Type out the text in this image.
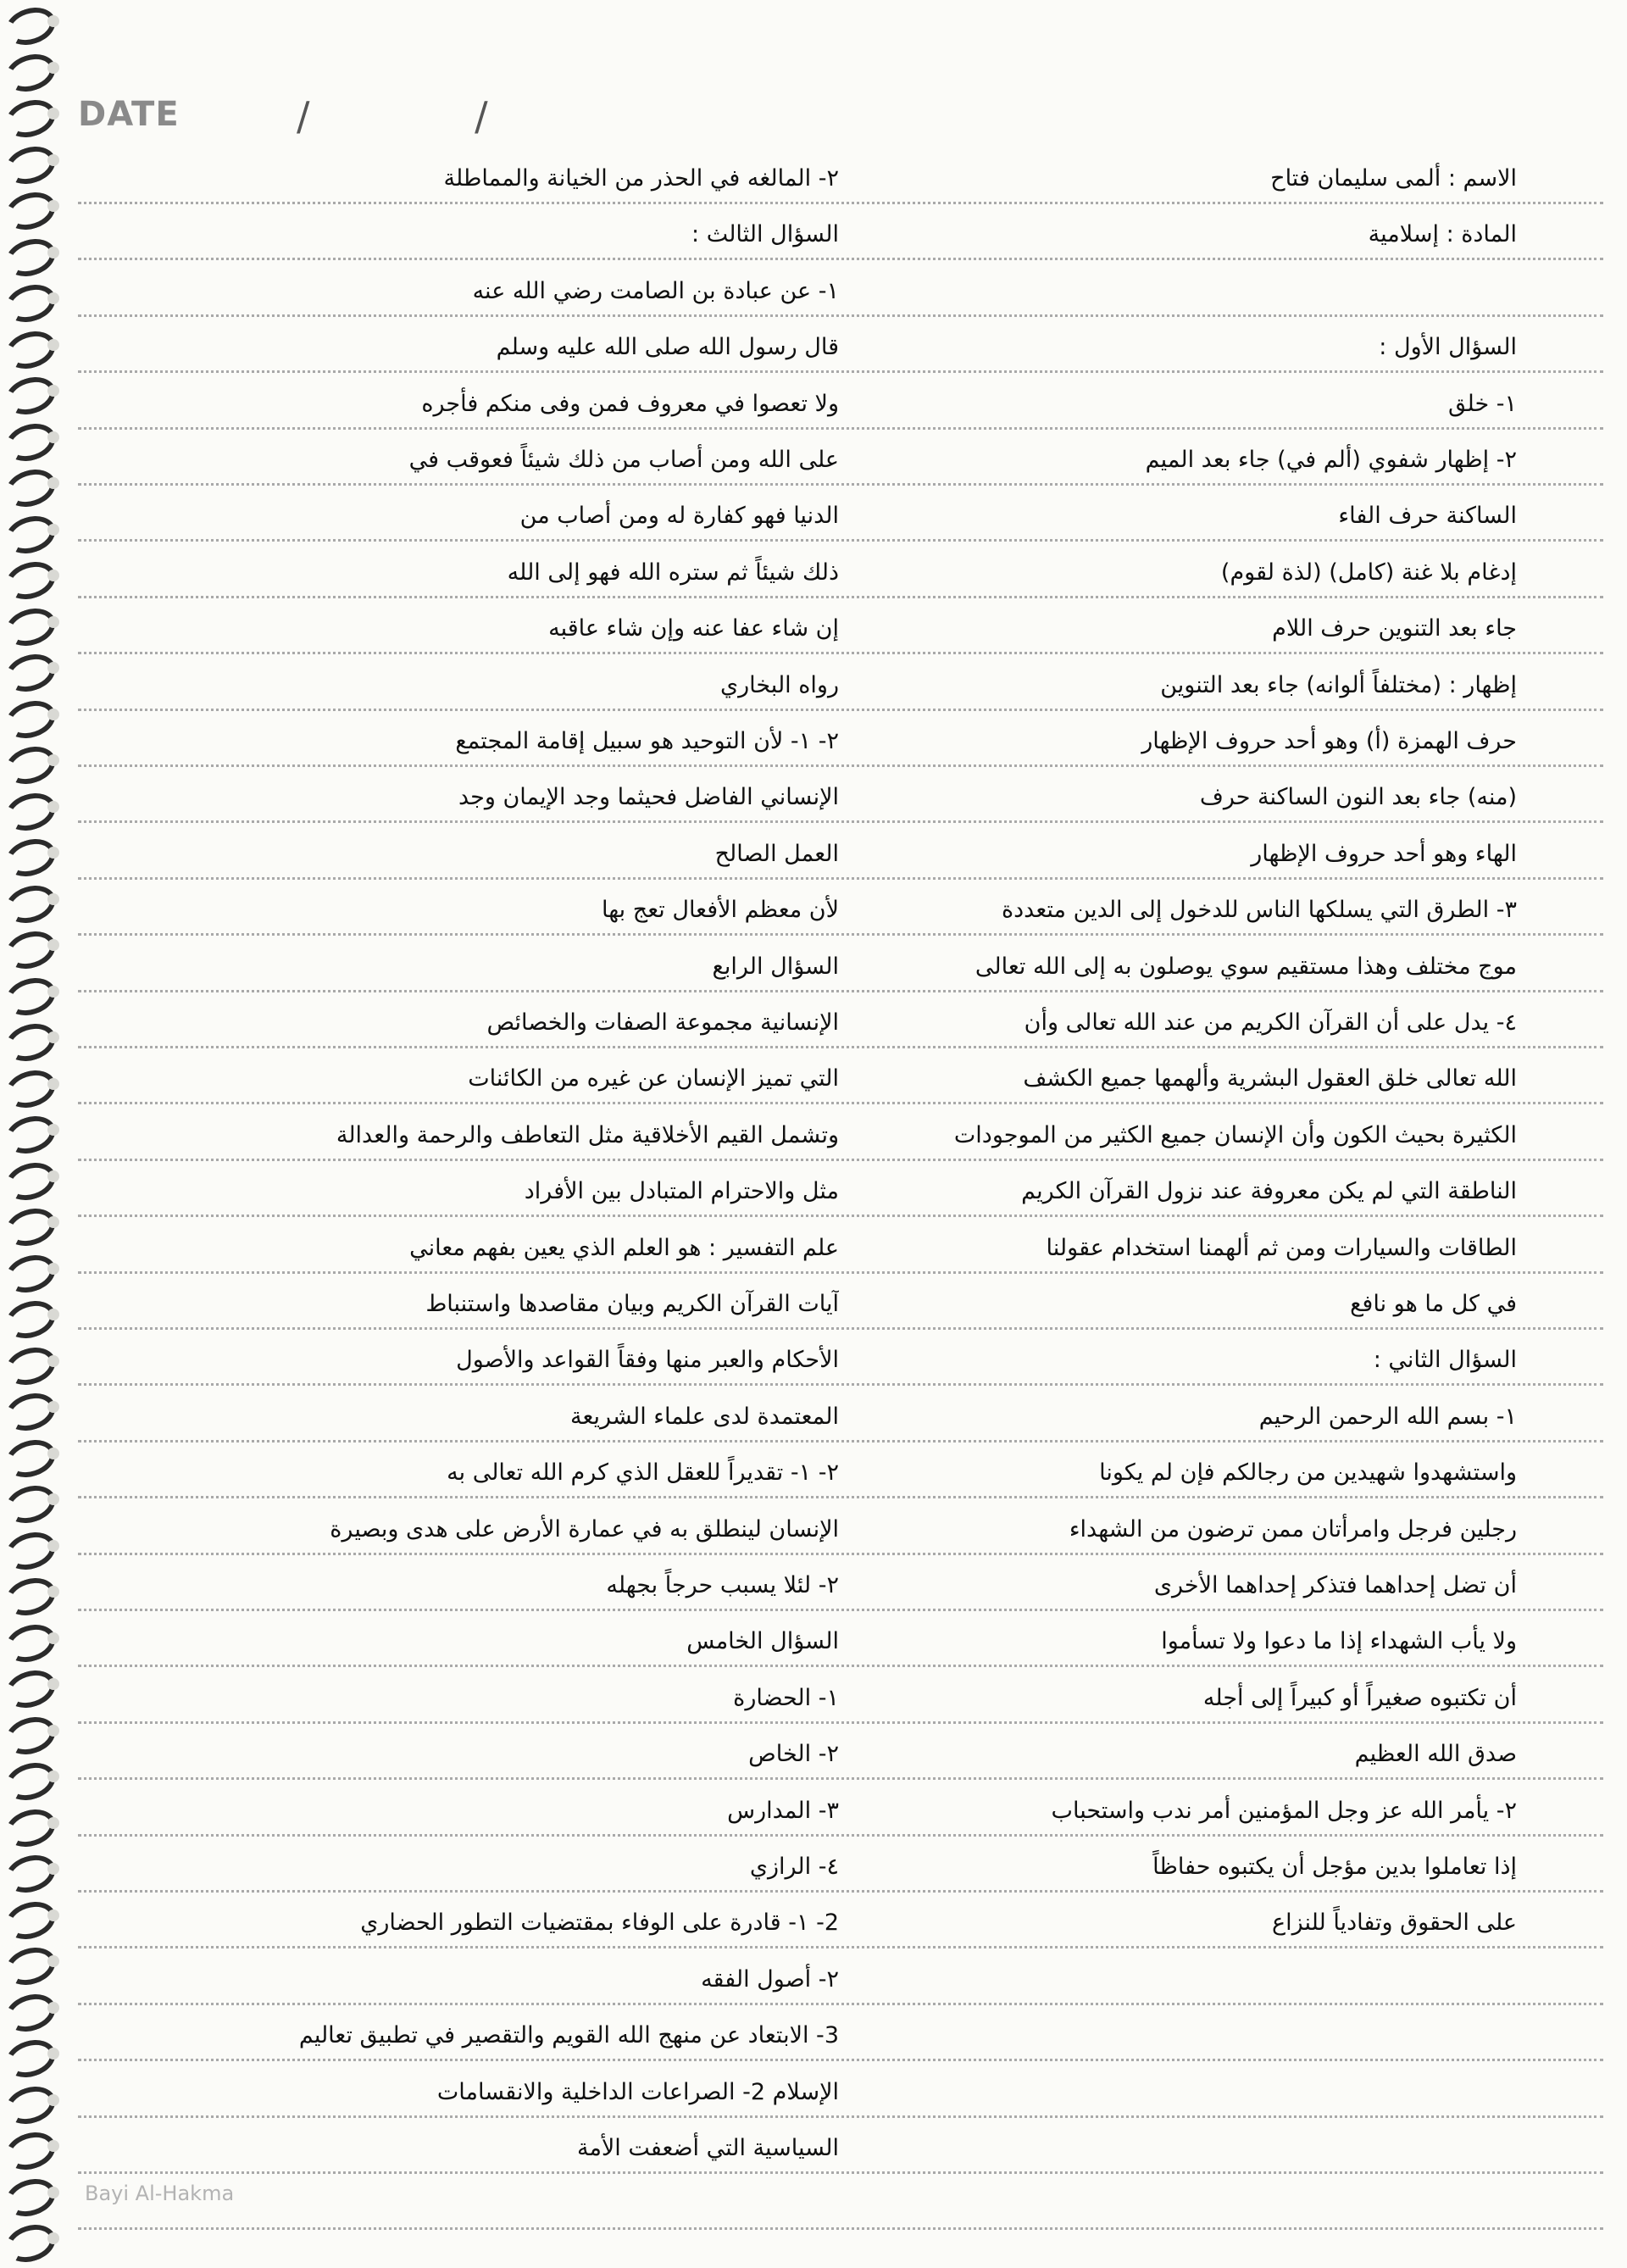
DATE	/ /
الاسم : ألمى سليمان فتاح
٢- المالغه في الحذر من الخيانة والمماطلة
المادة : إسلامية
السؤال الثالث :
١- عن عبادة بن الصامت رضي الله عنه
السؤال الأول :
قال رسول الله صلى الله عليه وسلم
١- خلق
ولا تعصوا في معروف فمن وفى منكم فأجره
٢- إظهار شفوي (ألم في) جاء بعد الميم
على الله ومن أصاب من ذلك شيئاً فعوقب في
الساكنة حرف الفاء
الدنيا فهو كفارة له ومن أصاب من
إدغام بلا غنة (كامل) (لذة لقوم)
ذلك شيئاً ثم ستره الله فهو إلى الله
جاء بعد التنوين حرف اللام
إن شاء عفا عنه وإن شاء عاقبه
إظهار : (مختلفاً ألوانه) جاء بعد التنوين
رواه البخاري
حرف الهمزة (أ) وهو أحد حروف الإظهار
٢- ١- لأن التوحيد هو سبيل إقامة المجتمع
(منه) جاء بعد النون الساكنة حرف
الإنساني الفاضل فحيثما وجد الإيمان وجد
الهاء وهو أحد حروف الإظهار
العمل الصالح
٣- الطرق التي يسلكها الناس للدخول إلى الدين متعددة
لأن معظم الأفعال تعج بها
موج مختلف وهذا مستقيم سوي يوصلون به إلى الله تعالى
السؤال الرابع
٤- يدل على أن القرآن الكريم من عند الله تعالى وأن
الإنسانية مجموعة الصفات والخصائص
الله تعالى خلق العقول البشرية وألهمها جميع الكشف
التي تميز الإنسان عن غيره من الكائنات
الكثيرة بحيث الكون وأن الإنسان جميع الكثير من الموجودات
وتشمل القيم الأخلاقية مثل التعاطف والرحمة والعدالة
الناطقة التي لم يكن معروفة عند نزول القرآن الكريم
مثل والاحترام المتبادل بين الأفراد
الطاقات والسيارات ومن ثم ألهمنا استخدام عقولنا
علم التفسير : هو العلم الذي يعين بفهم معاني
في كل ما هو نافع
آيات القرآن الكريم وبيان مقاصدها واستنباط
السؤال الثاني :
الأحكام والعبر منها وفقاً القواعد والأصول
١- بسم الله الرحمن الرحيم
المعتمدة لدى علماء الشريعة
واستشهدوا شهيدين من رجالكم فإن لم يكونا
٢- ١- تقديراً للعقل الذي كرم الله تعالى به
رجلين فرجل وامرأتان ممن ترضون من الشهداء
الإنسان لينطلق به في عمارة الأرض على هدى وبصيرة
أن تضل إحداهما فتذكر إحداهما الأخرى
٢- لئلا يسبب حرجاً بجهله
ولا يأب الشهداء إذا ما دعوا ولا تسأموا
السؤال الخامس
أن تكتبوه صغيراً أو كبيراً إلى أجله
١- الحضارة
صدق الله العظيم
٢- الخاص
٢- يأمر الله عز وجل المؤمنين أمر ندب واستحباب
٣- المدارس
إذا تعاملوا بدين مؤجل أن يكتبوه حفاظاً
٤- الرازي
على الحقوق وتفادياً للنزاع
2- ١- قادرة على الوفاء بمقتضيات التطور الحضاري
٢- أصول الفقه
3- الابتعاد عن منهج الله القويم والتقصير في تطبيق تعاليم
الإسلام 2- الصراعات الداخلية والانقسامات
السياسية التي أضعفت الأمة
Bayi Al-Hakma
